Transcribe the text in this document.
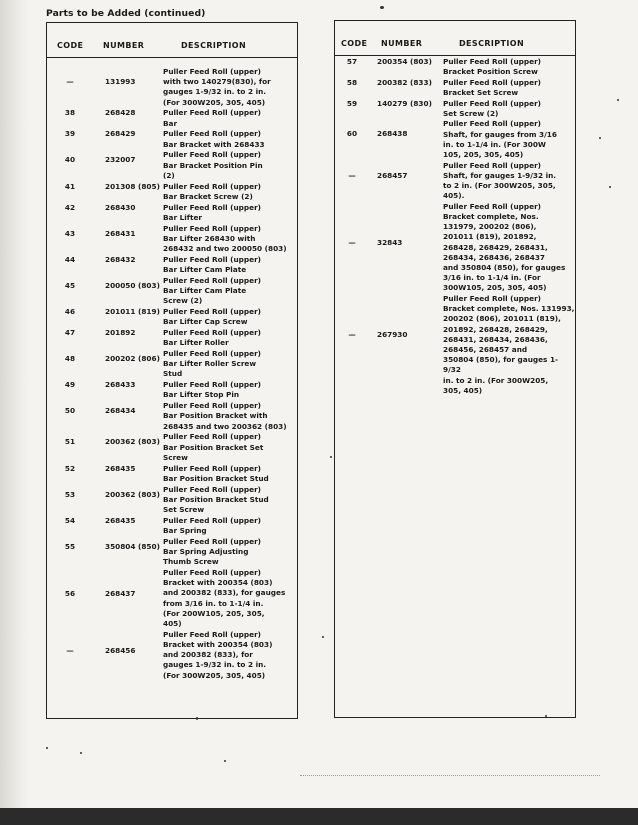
Parts to be Added (continued)
CODE NUMBER	DESCRIPTION
—	131993
Puller Feed Roll (upper)
with two 140279(830), for
gauges 1-9/32 in. to 2 in.
(For 300W205, 305, 405)
38	268428	Puller Feed Roll (upper)
Bar
39	268429	Puller Feed Roll (upper)
Bar Bracket with 268433
40	232007
Puller Feed Roll (upper)
Bar Bracket Position Pin
(2)
41	201308 (805) Puller Feed Roll (upper)
Bar Bracket Screw (2)
42	268430	Puller Feed Roll (upper)
Bar Lifter
43	268431
Puller Feed Roll (upper)
Bar Lifter 268430 with
268432 and two 200050 (803)
44	268432	Puller Feed Roll (upper)
Bar Lifter Cam Plate
45	200050 (803)
Puller Feed Roll (upper)
Bar Lifter Cam Plate
Screw (2)
46	201011 (819) Puller Feed Roll (upper)
Bar Lifter Cap Screw
47	201892	Puller Feed Roll (upper)
Bar Lifter Roller
48	200202 (806)
Puller Feed Roll (upper)
Bar Lifter Roller Screw
Stud
49	268433	Puller Feed Roll (upper)
Bar Lifter Stop Pin
50	268434
Puller Feed Roll (upper)
Bar Position Bracket with
268435 and two 200362 (803)
51	200362 (803)
Puller Feed Roll (upper)
Bar Position Bracket Set
Screw
52	268435	Puller Feed Roll (upper)
Bar Position Bracket Stud
53	200362 (803)
Puller Feed Roll (upper)
Bar Position Bracket Stud
Set Screw
54	268435	Puller Feed Roll (upper)
Bar Spring
55	350804 (850)
Puller Feed Roll (upper)
Bar Spring Adjusting
Thumb Screw
56	268437
Puller Feed Roll (upper)
Bracket with 200354 (803)
and 200382 (833), for gauges
from 3/16 in. to 1-1/4 in.
(For 200W105, 205, 305,
405)
—	268456
Puller Feed Roll (upper)
Bracket with 200354 (803)
and 200382 (833), for
gauges 1-9/32 in. to 2 in.
(For 300W205, 305, 405)
CODE NUMBER	DESCRIPTION
57	200354 (803) Puller Feed Roll (upper)
Bracket Position Screw
58	200382 (833) Puller Feed Roll (upper)
Bracket Set Screw
59	140279 (830) Puller Feed Roll (upper)
Set Screw (2)
60	268438
Puller Feed Roll (upper)
Shaft, for gauges from 3/16
in. to 1-1/4 in. (For 300W
105, 205, 305, 405)
—	268457
Puller Feed Roll (upper)
Shaft, for gauges 1-9/32 in.
to 2 in. (For 300W205, 305,
405).
—	32843
Puller Feed Roll (upper)
Bracket complete, Nos.
131979, 200202 (806),
201011 (819), 201892,
268428, 268429, 268431,
268434, 268436, 268437
and 350804 (850), for gauges
3/16 in. to 1-1/4 in. (For
300W105, 205, 305, 405)
—	267930
Puller Feed Roll (upper)
Bracket complete, Nos. 131993,
200202 (806), 201011 (819),
201892, 268428, 268429,
268431, 268434, 268436,
268456, 268457 and
350804 (850), for gauges 1-9/32
in. to 2 in. (For 300W205,
305, 405)
